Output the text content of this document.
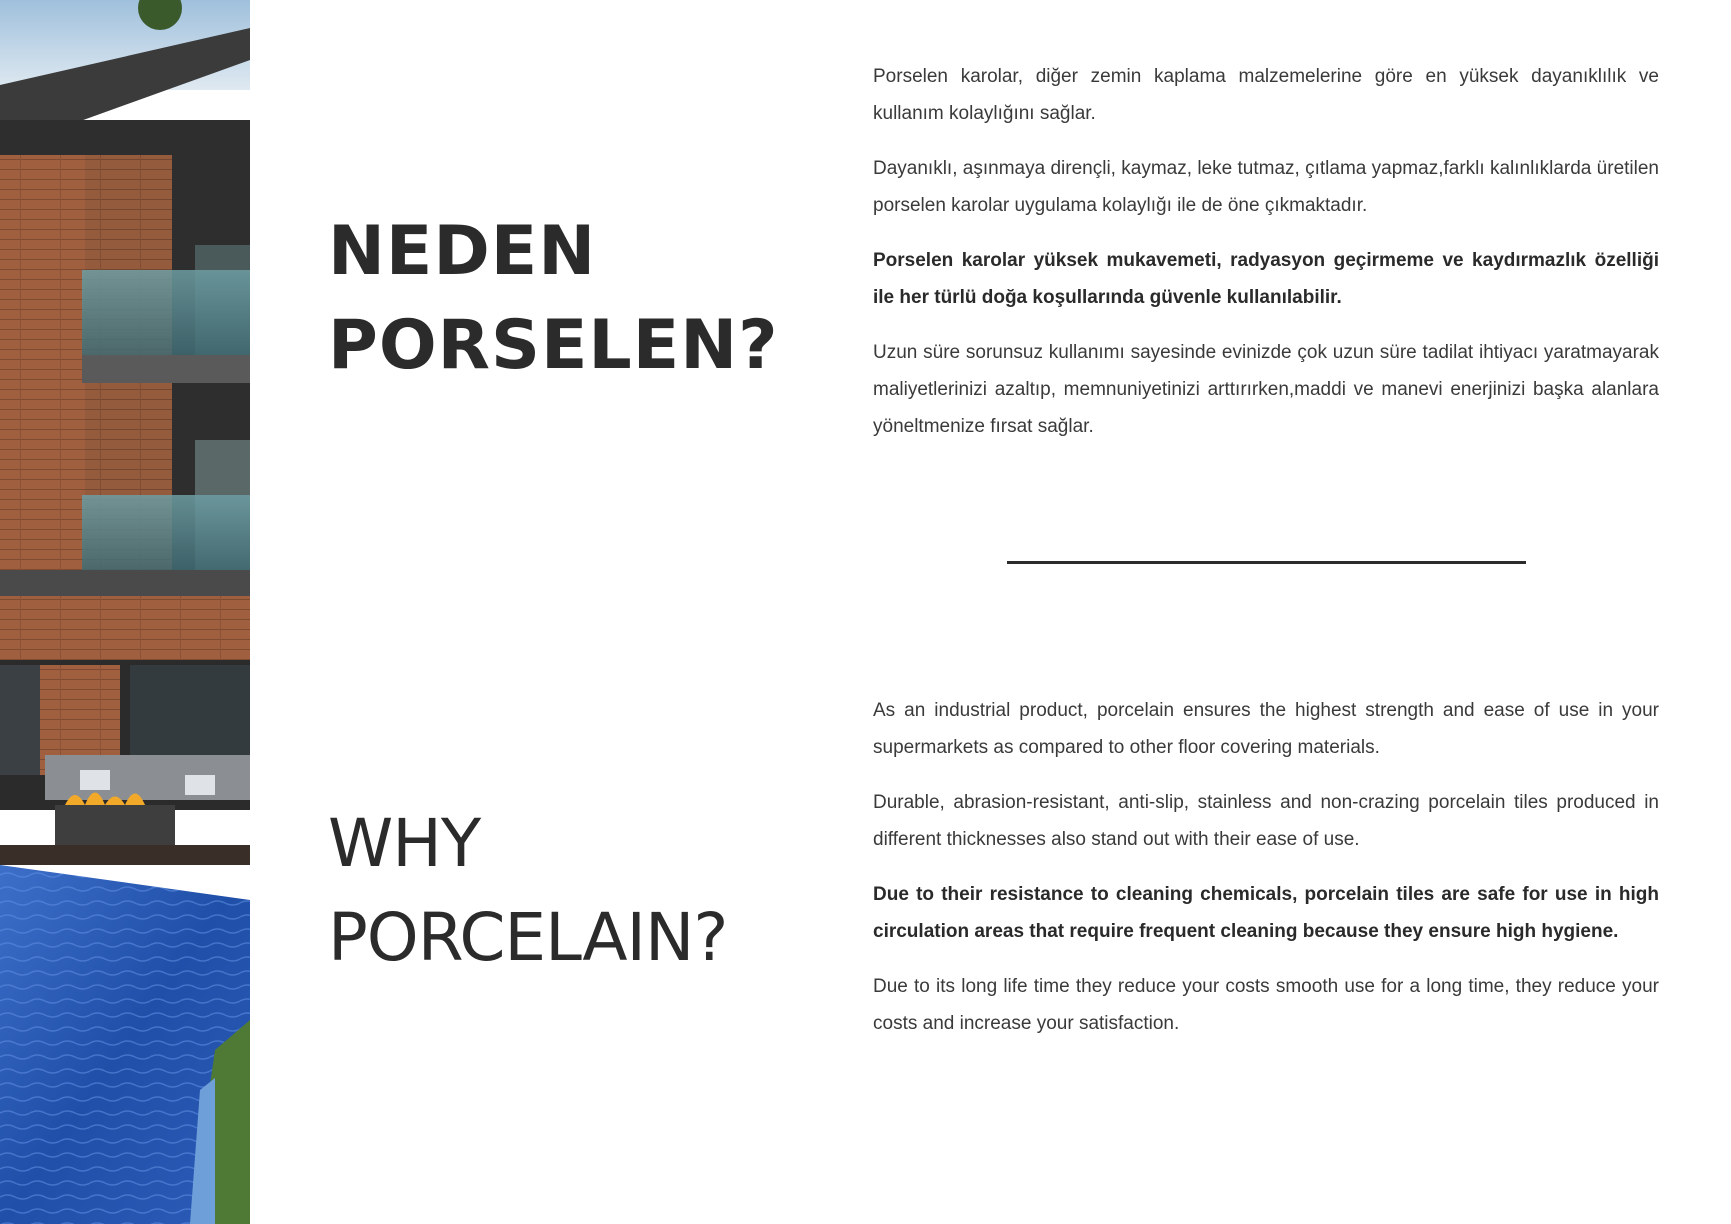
NEDEN
PORSELEN?

Porselen karolar, diğer zemin kaplama malzemelerine göre en yüksek dayanıklılık ve kullanım kolaylığını sağlar.

Dayanıklı, aşınmaya dirençli, kaymaz, leke tutmaz, çıtlama yapmaz,farklı kalınlıklarda üretilen porselen karolar uygulama kolaylığı ile de öne çıkmaktadır.

Porselen karolar yüksek mukavemeti, radyasyon geçirmeme ve kaydırmazlık özelliği ile her türlü doğa koşullarında güvenle kullanılabilir.

Uzun süre sorunsuz kullanımı sayesinde evinizde çok uzun süre tadilat ihtiyacı yaratmayarak maliyetlerinizi azaltıp, memnuniyetinizi arttırırken,maddi ve manevi enerjinizi başka alanlara yöneltmenize fırsat sağlar.

WHY
PORCELAIN?

As an industrial product, porcelain ensures the highest strength and ease of use in your supermarkets as compared to other floor covering materials.

Durable, abrasion-resistant, anti-slip, stainless and non-crazing porcelain tiles produced in different thicknesses also stand out with their ease of use.

Due to their resistance to cleaning chemicals, porcelain tiles are safe for use in high circulation areas that require frequent cleaning because they ensure high hygiene.

Due to its long life time they reduce your costs smooth use for a long time, they reduce your costs and increase your satisfaction.
